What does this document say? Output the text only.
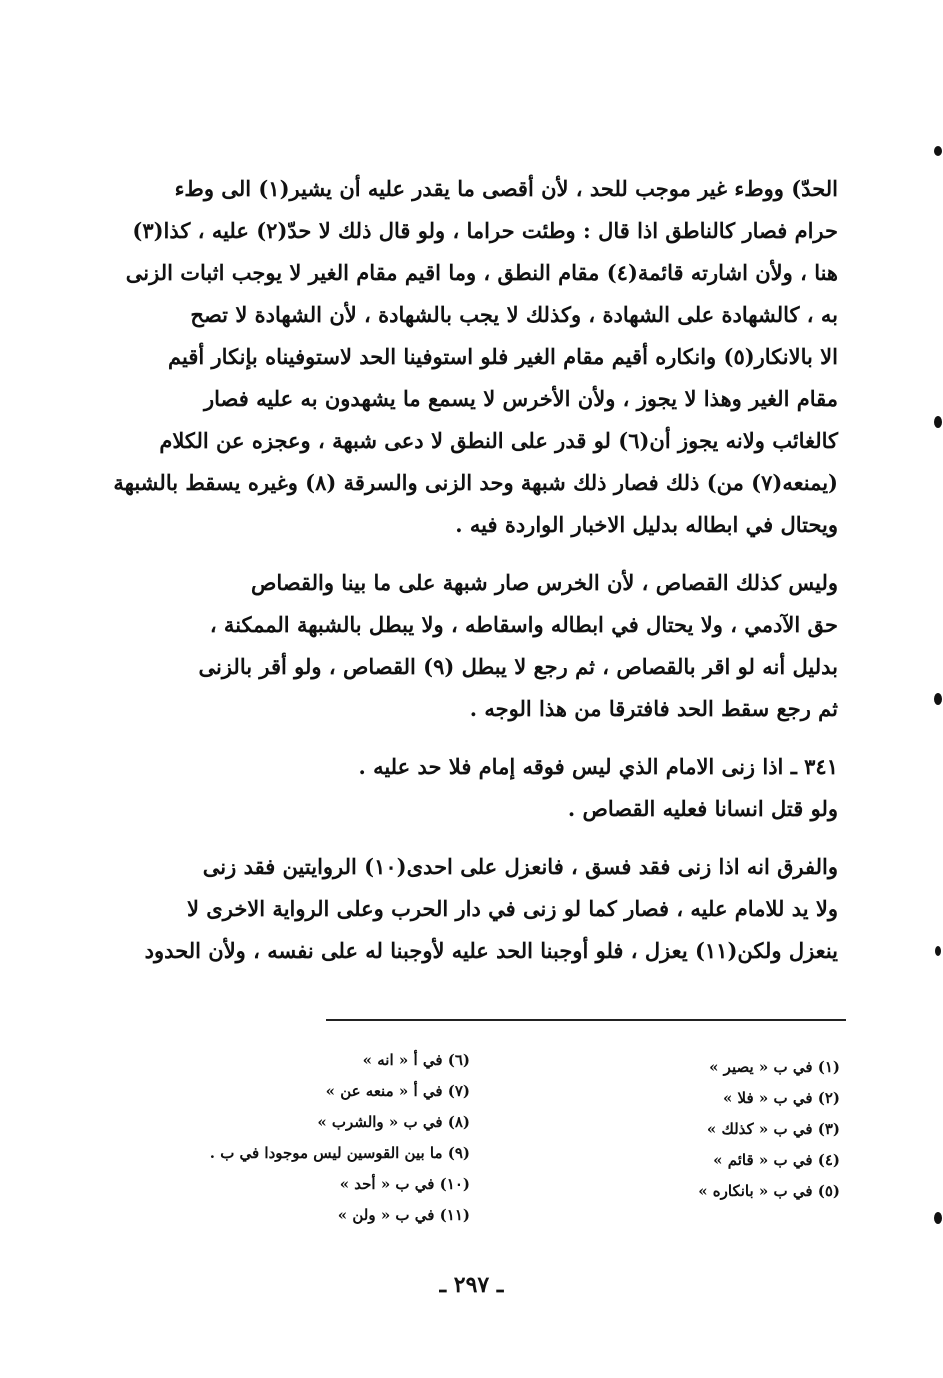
الحدّ) ووطء غير موجب للحد ، لأن أقصى ما يقدر عليه أن يشير(١) الى وطء
حرام فصار كالناطق اذا قال : وطئت حراما ، ولو قال ذلك لا حدّ(٢) عليه ، كذا(٣)
هنا ، ولأن اشارته قائمة(٤) مقام النطق ، وما اقيم مقام الغير لا يوجب اثبات الزنى
به ، كالشهادة على الشهادة ، وكذلك لا يجب بالشهادة ، لأن الشهادة لا تصح
الا بالانكار(٥) وانكاره أقيم مقام الغير فلو استوفينا الحد لاستوفيناه بإنكار أقيم
مقام الغير وهذا لا يجوز ، ولأن الأخرس لا يسمع ما يشهدون به عليه فصار
كالغائب ولانه يجوز أن(٦) لو قدر على النطق لا دعى شبهة ، وعجزه عن الكلام
(يمنعه(٧) من) ذلك فصار ذلك شبهة وحد الزنى والسرقة (٨) وغيره يسقط بالشبهة
ويحتال في ابطاله بدليل الاخبار الواردة فيه .
وليس كذلك القصاص ، لأن الخرس صار شبهة على ما بينا والقصاص
حق الآدمي ، ولا يحتال في ابطاله واسقاطه ، ولا يبطل بالشبهة الممكنة ،
بدليل أنه لو اقر بالقصاص ، ثم رجع لا يبطل (٩) القصاص ، ولو أقر بالزنى
ثم رجع سقط الحد فافترقا من هذا الوجه .
٣٤١ ـ اذا زنى الامام الذي ليس فوقه إمام فلا حد عليه .
ولو قتل انسانا فعليه القصاص .
والفرق انه اذا زنى فقد فسق ، فانعزل على احدى(١٠) الروايتين فقد زنى
ولا يد للامام عليه ، فصار كما لو زنى في دار الحرب وعلى الرواية الاخرى لا
ينعزل ولكن(١١) يعزل ، فلو أوجبنا الحد عليه لأوجبنا له على نفسه ، ولأن الحدود
(١) في ب « يصير »
(٢) في ب « فلا »
(٣) في ب « كذلك »
(٤) في ب « قائم »
(٥) في ب « بانكاره »
(٦) في أ « انه »
(٧) في أ « منعه عن »
(٨) في ب « والشرب »
(٩) ما بين القوسين ليس موجودا في ب .
(١٠) في ب « أحد »
(١١) في ب « ولن »
ـ ٢٩٧ ـ
